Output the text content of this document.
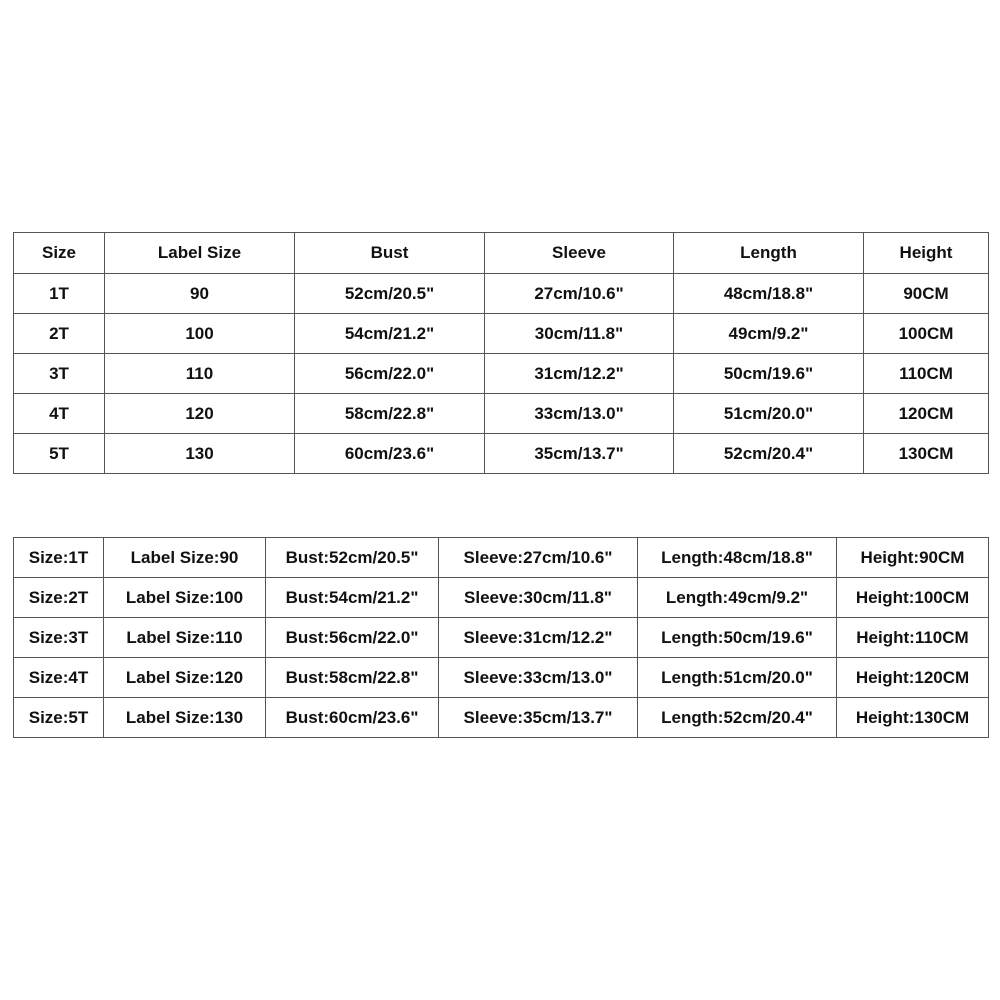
Size	Label Size	Bust	Sleeve	Length	Height
1T	90	52cm/20.5"	27cm/10.6"	48cm/18.8"	90CM
2T	100	54cm/21.2"	30cm/11.8"	49cm/9.2"	100CM
3T	110	56cm/22.0"	31cm/12.2"	50cm/19.6"	110CM
4T	120	58cm/22.8"	33cm/13.0"	51cm/20.0"	120CM
5T	130	60cm/23.6"	35cm/13.7"	52cm/20.4"	130CM
Size:1T	Label Size:90	Bust:52cm/20.5"	Sleeve:27cm/10.6"	Length:48cm/18.8"	Height:90CM
Size:2T	Label Size:100	Bust:54cm/21.2"	Sleeve:30cm/11.8"	Length:49cm/9.2"	Height:100CM
Size:3T	Label Size:110	Bust:56cm/22.0"	Sleeve:31cm/12.2"	Length:50cm/19.6"	Height:110CM
Size:4T	Label Size:120	Bust:58cm/22.8"	Sleeve:33cm/13.0"	Length:51cm/20.0"	Height:120CM
Size:5T	Label Size:130	Bust:60cm/23.6"	Sleeve:35cm/13.7"	Length:52cm/20.4"	Height:130CM
